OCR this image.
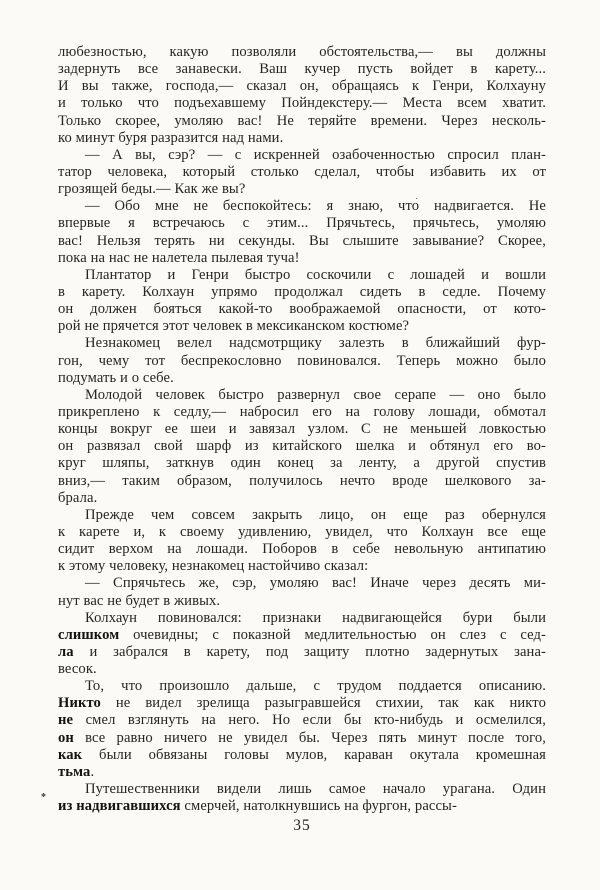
любезностью, какую позволяли обстоятельства,— вы должны
задернуть все занавески. Ваш кучер пусть войдет в карету...
И вы также, господа,— сказал он, обращаясь к Генри, Колхауну
и только что подъехавшему Пойндекстеру.— Места всем хватит.
Только скорее, умоляю вас! Не теряйте времени. Через несколь-
ко минут буря разразится над нами.
— А вы, сэр? — с искренней озабоченностью спросил план-
татор человека, который столько сделал, чтобы избавить их от
грозящей беды.— Как же вы?
— Обо мне не беспокойтесь: я знаю, что́ надвигается. Не
впервые я встречаюсь с этим... Прячьтесь, прячьтесь, умоляю
вас! Нельзя терять ни секунды. Вы слышите завывание? Скорее,
пока на нас не налетела пылевая туча!
Плантатор и Генри быстро соскочили с лошадей и вошли
в карету. Колхаун упрямо продолжал сидеть в седле. Почему
он должен бояться какой-то воображаемой опасности, от кото-
рой не прячется этот человек в мексиканском костюме?
Незнакомец велел надсмотрщику залезть в ближайший фур-
гон, чему тот беспрекословно повиновался. Теперь можно было
подумать и о себе.
Молодой человек быстро развернул свое серапе — оно было
прикреплено к седлу,— набросил его на голову лошади, обмотал
концы вокруг ее шеи и завязал узлом. С не меньшей ловкостью
он развязал свой шарф из китайского шелка и обтянул его во-
круг шляпы, заткнув один конец за ленту, а другой спустив
вниз,— таким образом, получилось нечто вроде шелкового за-
брала.
Прежде чем совсем закрыть лицо, он еще раз обернулся
к карете и, к своему удивлению, увидел, что Колхаун все еще
сидит верхом на лошади. Поборов в себе невольную антипатию
к этому человеку, незнакомец настойчиво сказал:
— Спрячьтесь же, сэр, умоляю вас! Иначе через десять ми-
нут вас не будет в живых.
Колхаун повиновался: признаки надвигающейся бури были
слишком очевидны; с показной медлительностью он слез с сед-
ла и забрался в карету, под защиту плотно задернутых зана-
весок.
То, что произошло дальше, с трудом поддается описанию.
Никто не видел зрелища разыгравшейся стихии, так как никто
не смел взглянуть на него. Но если бы кто-нибудь и осмелился,
он все равно ничего не увидел бы. Через пять минут после того,
как были обвязаны головы мулов, караван окутала кромешная
тьма.
Путешественники видели лишь самое начало урагана. Один
из надвигавшихся смерчей, натолкнувшись на фургон, рассы-
*
35
